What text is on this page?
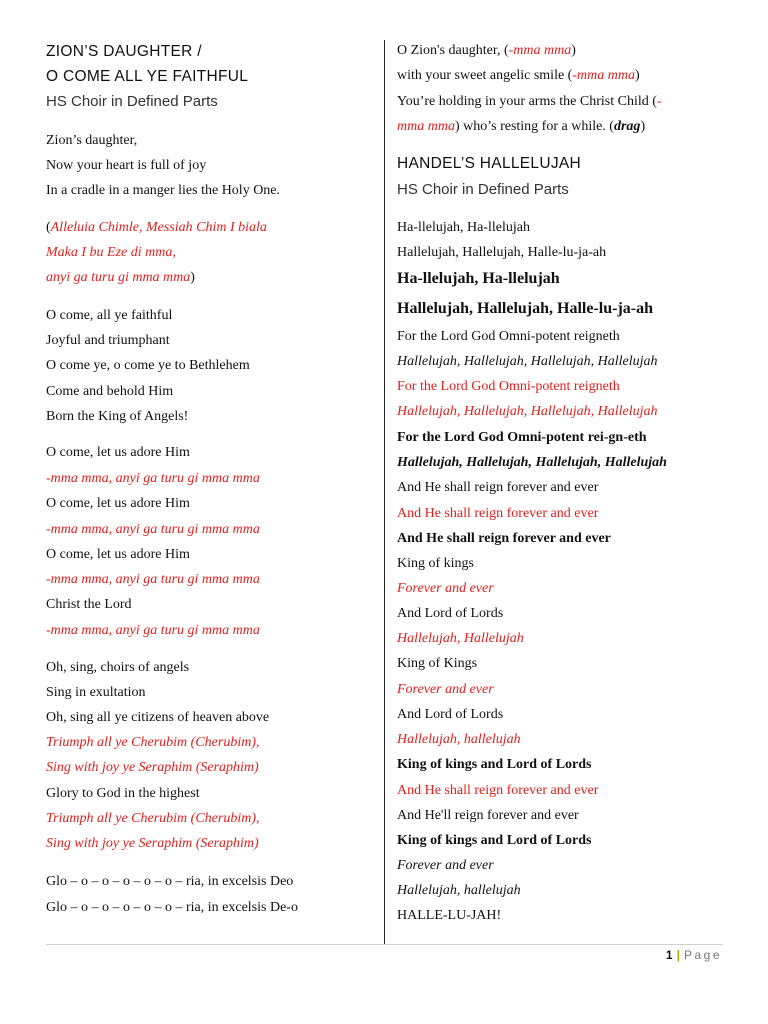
ZION’S DAUGHTER /
O COME ALL YE FAITHFUL
HS Choir in Defined Parts
Zion’s daughter,
Now your heart is full of joy
In a cradle in a manger lies the Holy One.
(Alleluia Chimle, Messiah Chim I biala
Maka I bu Eze di mma,
anyi ga turu gi mma mma)
O come, all ye faithful
Joyful and triumphant
O come ye, o come ye to Bethlehem
Come and behold Him
Born the King of Angels!
O come, let us adore Him
-mma mma, anyi ga turu gi mma mma
O come, let us adore Him
-mma mma, anyi ga turu gi mma mma
O come, let us adore Him
-mma mma, anyi ga turu gi mma mma
Christ the Lord
-mma mma, anyi ga turu gi mma mma
Oh, sing, choirs of angels
Sing in exultation
Oh, sing all ye citizens of heaven above
Triumph all ye Cherubim (Cherubim),
Sing with joy ye Seraphim (Seraphim)
Glory to God in the highest
Triumph all ye Cherubim (Cherubim),
Sing with joy ye Seraphim (Seraphim)
Glo – o – o – o – o – o – ria, in excelsis Deo
Glo – o – o – o – o – o – ria, in excelsis De-o
O Zion's daughter, (-mma mma)
with your sweet angelic smile (-mma mma)
You’re holding in your arms the Christ Child (-
mma mma) who’s resting for a while. (drag)
HANDEL’S HALLELUJAH
HS Choir in Defined Parts
Ha-llelujah, Ha-llelujah
Hallelujah, Hallelujah, Halle-lu-ja-ah
Ha-llelujah, Ha-llelujah
Hallelujah, Hallelujah, Halle-lu-ja-ah
For the Lord God Omni-potent reigneth
Hallelujah, Hallelujah, Hallelujah, Hallelujah
For the Lord God Omni-potent reigneth
Hallelujah, Hallelujah, Hallelujah, Hallelujah
For the Lord God Omni-potent rei-gn-eth
Hallelujah, Hallelujah, Hallelujah, Hallelujah
And He shall reign forever and ever
And He shall reign forever and ever
And He shall reign forever and ever
King of kings
Forever and ever
And Lord of Lords
Hallelujah, Hallelujah
King of Kings
Forever and ever
And Lord of Lords
Hallelujah, hallelujah
King of kings and Lord of Lords
And He shall reign forever and ever
And He'll reign forever and ever
King of kings and Lord of Lords
Forever and ever
Hallelujah, hallelujah
HALLE-LU-JAH!
1 | Page
